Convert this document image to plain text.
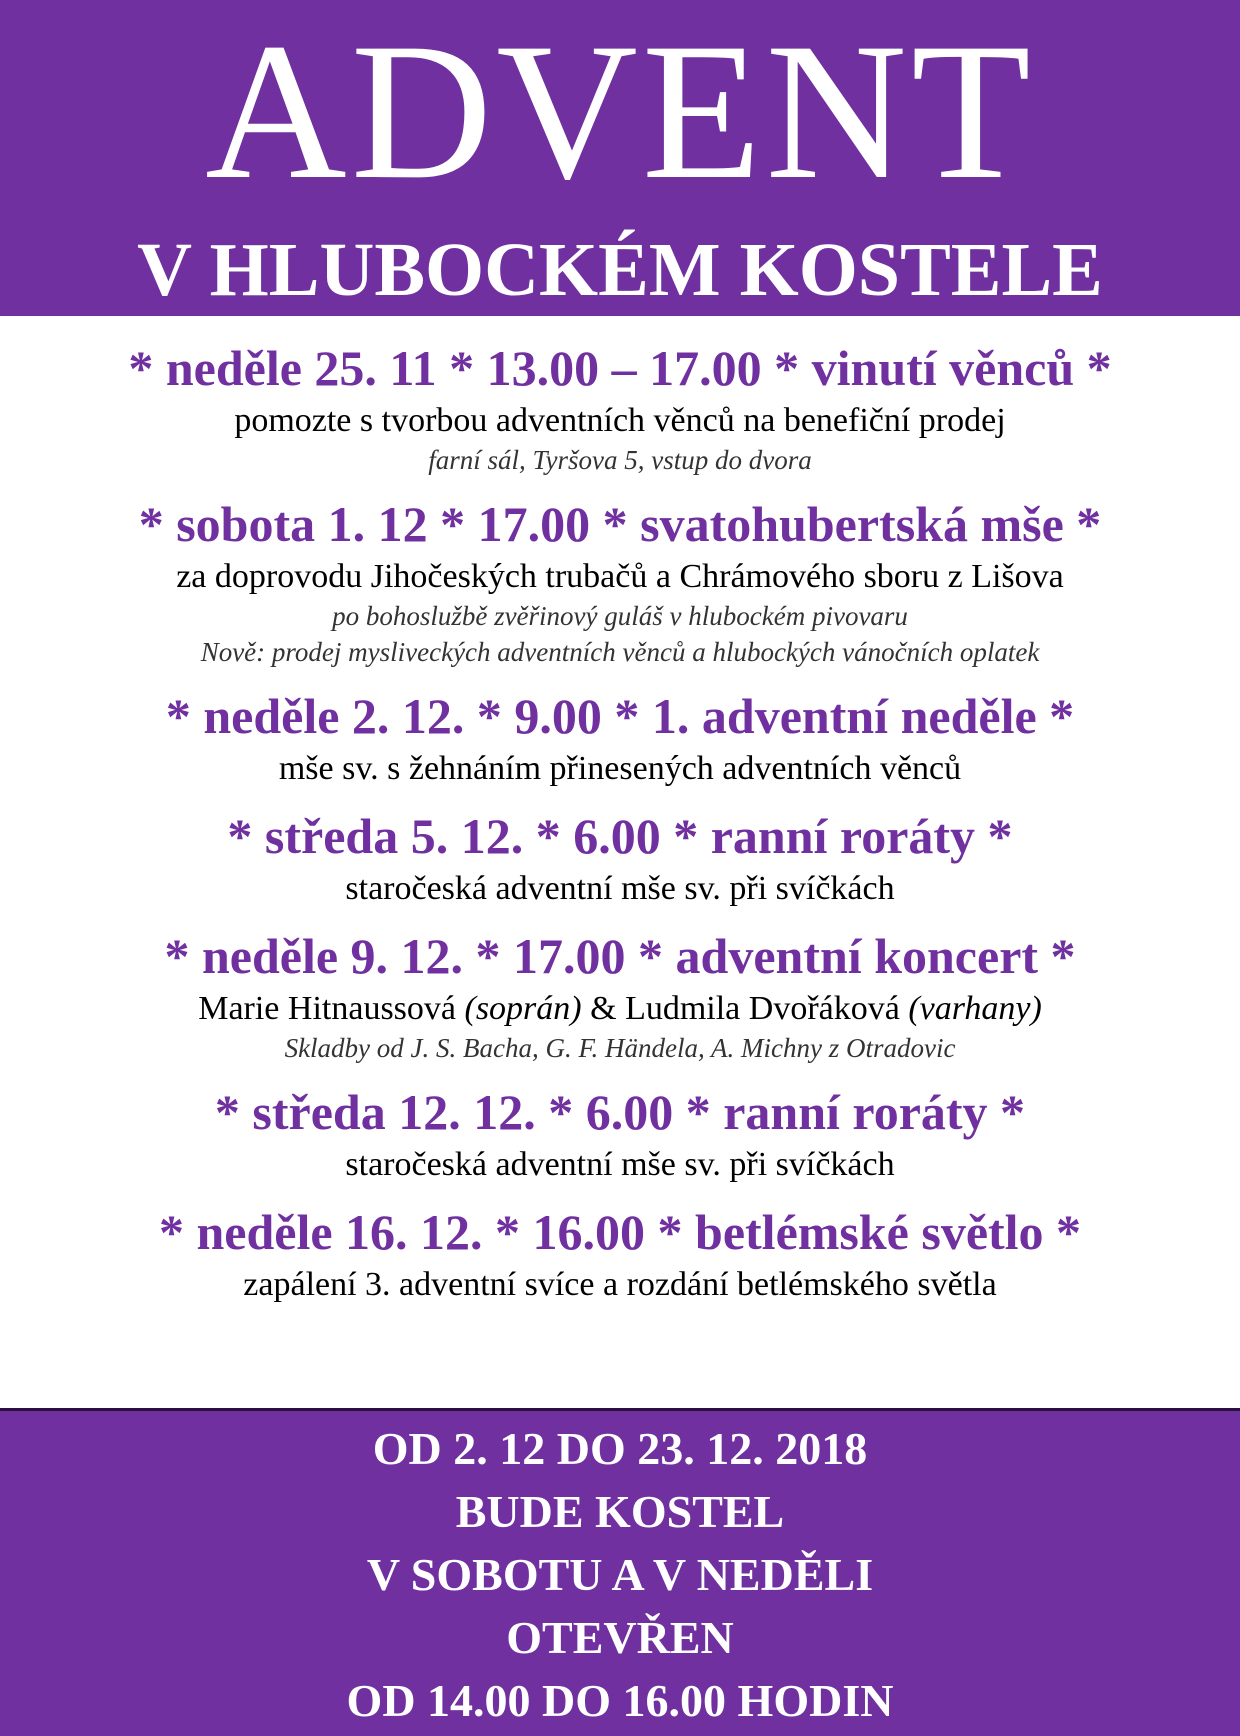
ADVENT
V HLUBOCKÉM KOSTELE
* neděle 25. 11 * 13.00 – 17.00 * vinutí věnců *
pomozte s tvorbou adventních věnců na benefiční prodej
farní sál, Tyršova 5, vstup do dvora
* sobota 1. 12 * 17.00 * svatohubertská mše *
za doprovodu Jihočeských trubačů a Chrámového sboru z Lišova
po bohoslužbě zvěřinový guláš v hlubockém pivovaru
Nově: prodej mysliveckých adventních věnců a hlubockých vánočních oplatek
* neděle 2. 12. * 9.00 * 1. adventní neděle *
mše sv. s žehnáním přinesených adventních věnců
* středa 5. 12. * 6.00 * ranní roráty *
staročeská adventní mše sv. při svíčkách
* neděle 9. 12. * 17.00 * adventní koncert *
Marie Hitnaussová (soprán) & Ludmila Dvořáková (varhany)
Skladby od J. S. Bacha, G. F. Händela, A. Michny z Otradovic
* středa 12. 12. * 6.00 * ranní roráty *
staročeská adventní mše sv. při svíčkách
* neděle 16. 12. * 16.00 * betlémské světlo *
zapálení 3. adventní svíce a rozdání betlémského světla
OD 2. 12 DO 23. 12. 2018
BUDE KOSTEL
V SOBOTU A V NEDĚLI
OTEVŘEN
OD 14.00 DO 16.00 HODIN
